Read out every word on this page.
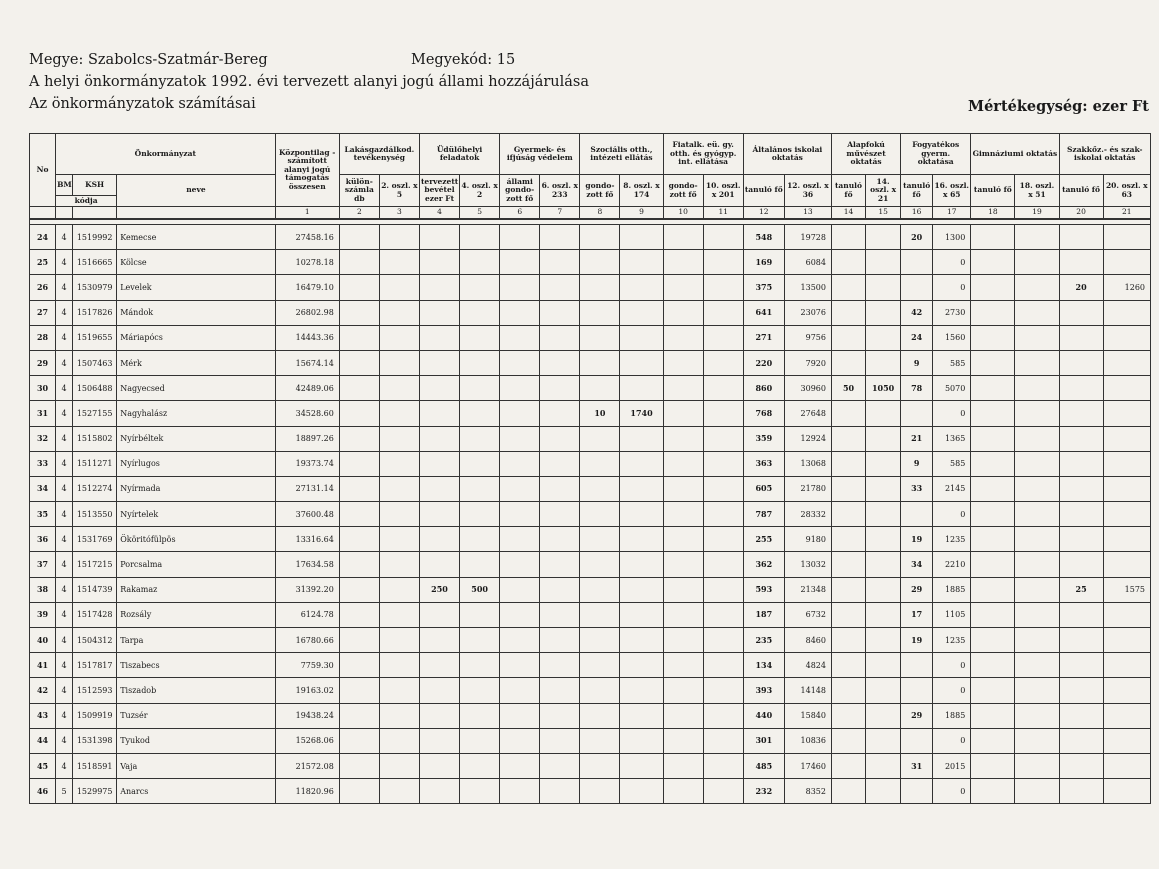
Megye: Szabolcs-Szatmár-Bereg	Megyekód: 15
A helyi önkormányzatok 1992. évi tervezett alanyi jogú állami hozzájárulása
Az önkormányzatok számításai	Mértékegység: ezer Ft
No	Önkormányzat			Központilag - számított alanyi jogú támogatás összesen	Lakásgazdálkod. tevékenység		Üdülőhelyi feladatok		Gyermek- és ifjúság védelem		Szociális otth., intézeti ellátás		Fiatalk. eü. gy. otth. és gyógyp. int. ellátása		Általános iskolai oktatás		Alapfokú művészet oktatás		Fogyatékos gyerm. oktatása		Gimnáziumi oktatás		Szakkőz.- és szak- iskolai oktatás	
	BM	KSH	neve		külön- számla db	2. oszl. x 5	tervezett bevétel ezer Ft	4. oszl. x 2	állami gondo- zott fő	6. oszl. x 233	gondo- zott fő	8. oszl. x 174	gondo- zott fő	10. oszl. x 201	tanuló fő	12. oszl. x 36	tanuló fő	14. oszl. x 21	tanuló fő	16. oszl. x 65	tanuló fő	18. oszl. x 51	tanuló fő	20. oszl. x 63
	kódja																							
				1	2	3	4	5	6	7	8	9	10	11	12	13	14	15	16	17	18	19	20	21

24	4	1519992	Kemecse	27458.16											548	19728			20	1300				
25	4	1516665	Kölcse	10278.18											169	6084				0				
26	4	1530979	Levelek	16479.10											375	13500				0			20	1260
27	4	1517826	Mándok	26802.98											641	23076			42	2730				
28	4	1519655	Máriapócs	14443.36											271	9756			24	1560				
29	4	1507463	Mérk	15674.14											220	7920			9	585				
30	4	1506488	Nagyecsed	42489.06											860	30960	50	1050	78	5070				
31	4	1527155	Nagyhalász	34528.60							10	1740			768	27648				0				
32	4	1515802	Nyírbéltek	18897.26											359	12924			21	1365				
33	4	1511271	Nyírlugos	19373.74											363	13068			9	585				
34	4	1512274	Nyírmada	27131.14											605	21780			33	2145				
35	4	1513550	Nyírtelek	37600.48											787	28332				0				
36	4	1531769	Ököritófülpös	13316.64											255	9180			19	1235				
37	4	1517215	Porcsalma	17634.58											362	13032			34	2210				
38	4	1514739	Rakamaz	31392.20			250	500							593	21348			29	1885			25	1575
39	4	1517428	Rozsály	6124.78											187	6732			17	1105				
40	4	1504312	Tarpa	16780.66											235	8460			19	1235				
41	4	1517817	Tiszabecs	7759.30											134	4824				0				
42	4	1512593	Tiszadob	19163.02											393	14148				0				
43	4	1509919	Tuzsér	19438.24											440	15840			29	1885				
44	4	1531398	Tyukod	15268.06											301	10836				0				
45	4	1518591	Vaja	21572.08											485	17460			31	2015				
46	5	1529975	Anarcs	11820.96											232	8352				0				
